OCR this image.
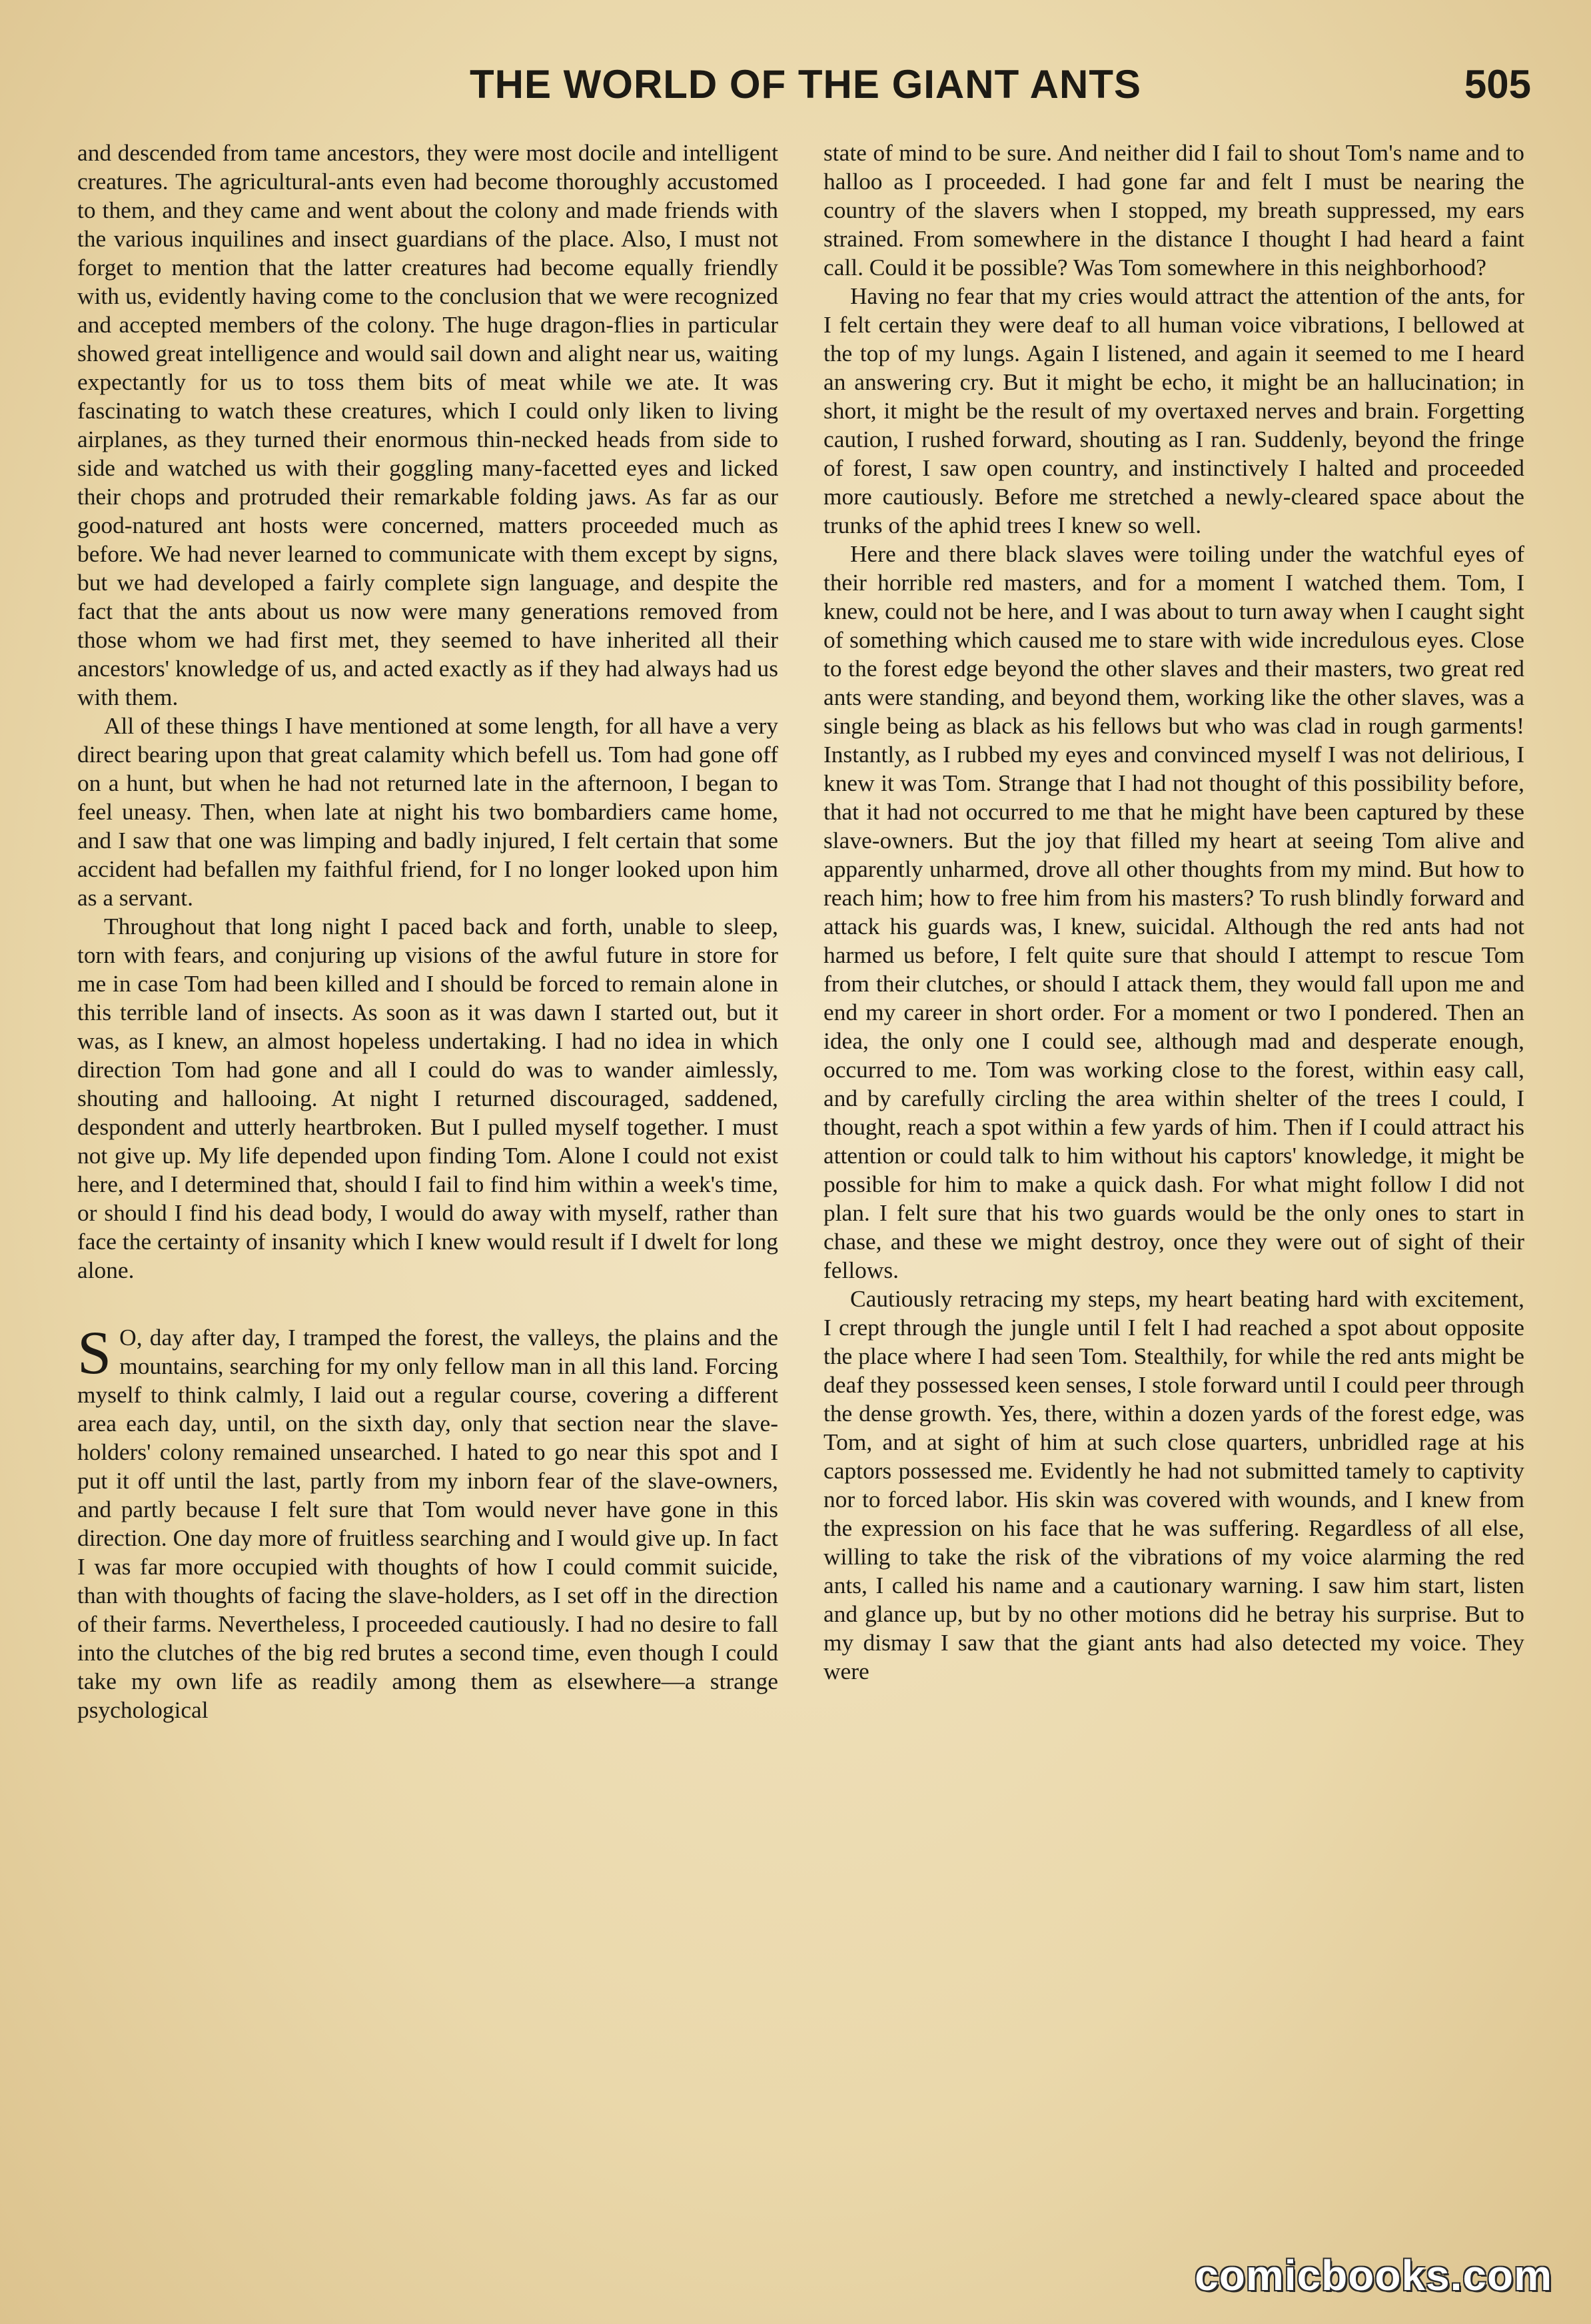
THE WORLD OF THE GIANT ANTS	505

and descended from tame ancestors, they were most docile and intelligent creatures. The agricultural-ants even had become thoroughly accustomed to them, and they came and went about the colony and made friends with the various inquilines and insect guardians of the place. Also, I must not forget to mention that the latter creatures had become equally friendly with us, evidently having come to the conclusion that we were recognized and accepted members of the colony. The huge dragon-flies in particular showed great intelligence and would sail down and alight near us, waiting expectantly for us to toss them bits of meat while we ate. It was fascinating to watch these creatures, which I could only liken to living airplanes, as they turned their enormous thin-necked heads from side to side and watched us with their goggling many-facetted eyes and licked their chops and protruded their remarkable folding jaws. As far as our good-natured ant hosts were concerned, matters proceeded much as before. We had never learned to communicate with them except by signs, but we had developed a fairly complete sign language, and despite the fact that the ants about us now were many generations removed from those whom we had first met, they seemed to have inherited all their ancestors' knowledge of us, and acted exactly as if they had always had us with them.

All of these things I have mentioned at some length, for all have a very direct bearing upon that great calamity which befell us. Tom had gone off on a hunt, but when he had not returned late in the afternoon, I began to feel uneasy. Then, when late at night his two bombardiers came home, and I saw that one was limping and badly injured, I felt certain that some accident had befallen my faithful friend, for I no longer looked upon him as a servant.

Throughout that long night I paced back and forth, unable to sleep, torn with fears, and conjuring up visions of the awful future in store for me in case Tom had been killed and I should be forced to remain alone in this terrible land of insects. As soon as it was dawn I started out, but it was, as I knew, an almost hopeless undertaking. I had no idea in which direction Tom had gone and all I could do was to wander aimlessly, shouting and hallooing. At night I returned discouraged, saddened, despondent and utterly heartbroken. But I pulled myself together. I must not give up. My life depended upon finding Tom. Alone I could not exist here, and I determined that, should I fail to find him within a week's time, or should I find his dead body, I would do away with myself, rather than face the certainty of insanity which I knew would result if I dwelt for long alone.

S O, day after day, I tramped the forest, the valleys, the plains and the mountains, searching for my only fellow man in all this land. Forcing myself to think calmly, I laid out a regular course, covering a different area each day, until, on the sixth day, only that section near the slave-holders' colony remained unsearched. I hated to go near this spot and I put it off until the last, partly from my inborn fear of the slave-owners, and partly because I felt sure that Tom would never have gone in this direction. One day more of fruitless searching and I would give up. In fact I was far more occupied with thoughts of how I could commit suicide, than with thoughts of facing the slave-holders, as I set off in the direction of their farms. Nevertheless, I proceeded cautiously. I had no desire to fall into the clutches of the big red brutes a second time, even though I could take my own life as readily among them as elsewhere—a strange psychological

state of mind to be sure. And neither did I fail to shout Tom's name and to halloo as I proceeded. I had gone far and felt I must be nearing the country of the slavers when I stopped, my breath suppressed, my ears strained. From somewhere in the distance I thought I had heard a faint call. Could it be possible? Was Tom somewhere in this neighborhood?

Having no fear that my cries would attract the attention of the ants, for I felt certain they were deaf to all human voice vibrations, I bellowed at the top of my lungs. Again I listened, and again it seemed to me I heard an answering cry. But it might be echo, it might be an hallucination; in short, it might be the result of my overtaxed nerves and brain. Forgetting caution, I rushed forward, shouting as I ran. Suddenly, beyond the fringe of forest, I saw open country, and instinctively I halted and proceeded more cautiously. Before me stretched a newly-cleared space about the trunks of the aphid trees I knew so well.

Here and there black slaves were toiling under the watchful eyes of their horrible red masters, and for a moment I watched them. Tom, I knew, could not be here, and I was about to turn away when I caught sight of something which caused me to stare with wide incredulous eyes. Close to the forest edge beyond the other slaves and their masters, two great red ants were standing, and beyond them, working like the other slaves, was a single being as black as his fellows but who was clad in rough garments! Instantly, as I rubbed my eyes and convinced myself I was not delirious, I knew it was Tom. Strange that I had not thought of this possibility before, that it had not occurred to me that he might have been captured by these slave-owners. But the joy that filled my heart at seeing Tom alive and apparently unharmed, drove all other thoughts from my mind. But how to reach him; how to free him from his masters? To rush blindly forward and attack his guards was, I knew, suicidal. Although the red ants had not harmed us before, I felt quite sure that should I attempt to rescue Tom from their clutches, or should I attack them, they would fall upon me and end my career in short order. For a moment or two I pondered. Then an idea, the only one I could see, although mad and desperate enough, occurred to me. Tom was working close to the forest, within easy call, and by carefully circling the area within shelter of the trees I could, I thought, reach a spot within a few yards of him. Then if I could attract his attention or could talk to him without his captors' knowledge, it might be possible for him to make a quick dash. For what might follow I did not plan. I felt sure that his two guards would be the only ones to start in chase, and these we might destroy, once they were out of sight of their fellows.

Cautiously retracing my steps, my heart beating hard with excitement, I crept through the jungle until I felt I had reached a spot about opposite the place where I had seen Tom. Stealthily, for while the red ants might be deaf they possessed keen senses, I stole forward until I could peer through the dense growth. Yes, there, within a dozen yards of the forest edge, was Tom, and at sight of him at such close quarters, unbridled rage at his captors possessed me. Evidently he had not submitted tamely to captivity nor to forced labor. His skin was covered with wounds, and I knew from the expression on his face that he was suffering. Regardless of all else, willing to take the risk of the vibrations of my voice alarming the red ants, I called his name and a cautionary warning. I saw him start, listen and glance up, but by no other motions did he betray his surprise. But to my dismay I saw that the giant ants had also detected my voice. They were

comicbooks.com
